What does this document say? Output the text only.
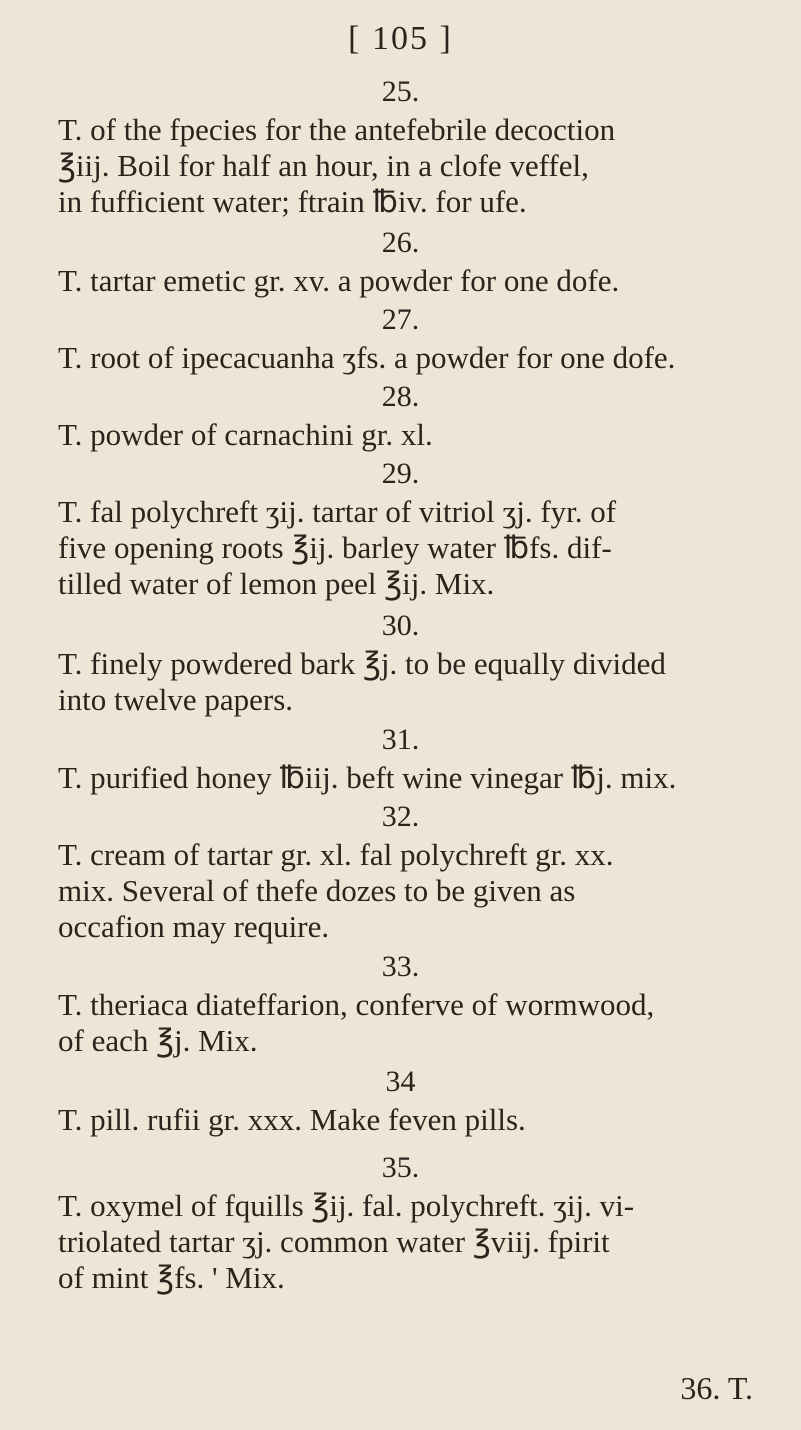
[ 105 ]
25.
T. of the fpecies for the antefebrile decoction
℥iij. Boil for half an hour, in a clofe veffel,
in fufficient water; ftrain ℔iv. for ufe.
26.
T. tartar emetic gr. xv. a powder for one dofe.
27.
T. root of ipecacuanha ʒfs. a powder for one dofe.
28.
T. powder of carnachini gr. xl.
29.
T. fal polychreft ʒij. tartar of vitriol ʒj. fyr. of
five opening roots ℥ij. barley water ℔fs. dif-
tilled water of lemon peel ℥ij. Mix.
30.
T. finely powdered bark ℥j. to be equally divided
into twelve papers.
31.
T. purified honey ℔iij. beft wine vinegar ℔j. mix.
32.
T. cream of tartar gr. xl. fal polychreft gr. xx.
mix. Several of thefe dozes to be given as
occafion may require.
33.
T. theriaca diateffarion, conferve of wormwood,
of each ℥j. Mix.
34
T. pill. rufii gr. xxx. Make feven pills.
35.
T. oxymel of fquills ℥ij. fal. polychreft. ʒij. vi-
triolated tartar ʒj. common water ℥viij. fpirit
of mint ℥fs. ' Mix.
36. T.
